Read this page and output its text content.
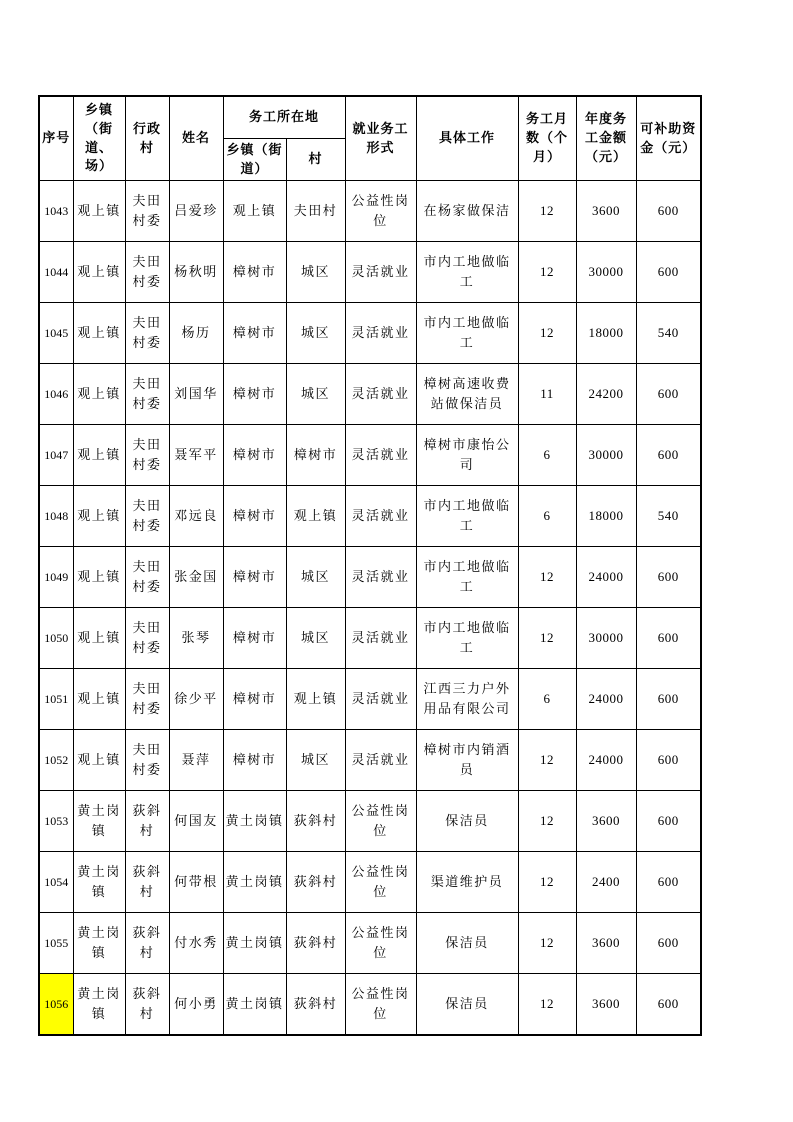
序号	乡镇（街道、场）	行政村	姓名	务工所在地		就业务工形式	具体工作	务工月数（个月）	年度务工金额（元）	可补助资金（元）
				乡镇（街道）	村					
1043	观上镇	夫田村委	吕爱珍	观上镇	夫田村	公益性岗位	在杨家做保洁	12	3600	600
1044	观上镇	夫田村委	杨秋明	樟树市	城区	灵活就业	市内工地做临工	12	30000	600
1045	观上镇	夫田村委	杨历	樟树市	城区	灵活就业	市内工地做临工	12	18000	540
1046	观上镇	夫田村委	刘国华	樟树市	城区	灵活就业	樟树高速收费站做保洁员	11	24200	600
1047	观上镇	夫田村委	聂军平	樟树市	樟树市	灵活就业	樟树市康怡公司	6	30000	600
1048	观上镇	夫田村委	邓远良	樟树市	观上镇	灵活就业	市内工地做临工	6	18000	540
1049	观上镇	夫田村委	张金国	樟树市	城区	灵活就业	市内工地做临工	12	24000	600
1050	观上镇	夫田村委	张琴	樟树市	城区	灵活就业	市内工地做临工	12	30000	600
1051	观上镇	夫田村委	徐少平	樟树市	观上镇	灵活就业	江西三力户外用品有限公司	6	24000	600
1052	观上镇	夫田村委	聂萍	樟树市	城区	灵活就业	樟树市内销酒员	12	24000	600
1053	黄土岗镇	荻斜村	何国友	黄土岗镇	荻斜村	公益性岗位	保洁员	12	3600	600
1054	黄土岗镇	荻斜村	何带根	黄土岗镇	荻斜村	公益性岗位	渠道维护员	12	2400	600
1055	黄土岗镇	荻斜村	付水秀	黄土岗镇	荻斜村	公益性岗位	保洁员	12	3600	600
1056	黄土岗镇	荻斜村	何小勇	黄土岗镇	荻斜村	公益性岗位	保洁员	12	3600	600
